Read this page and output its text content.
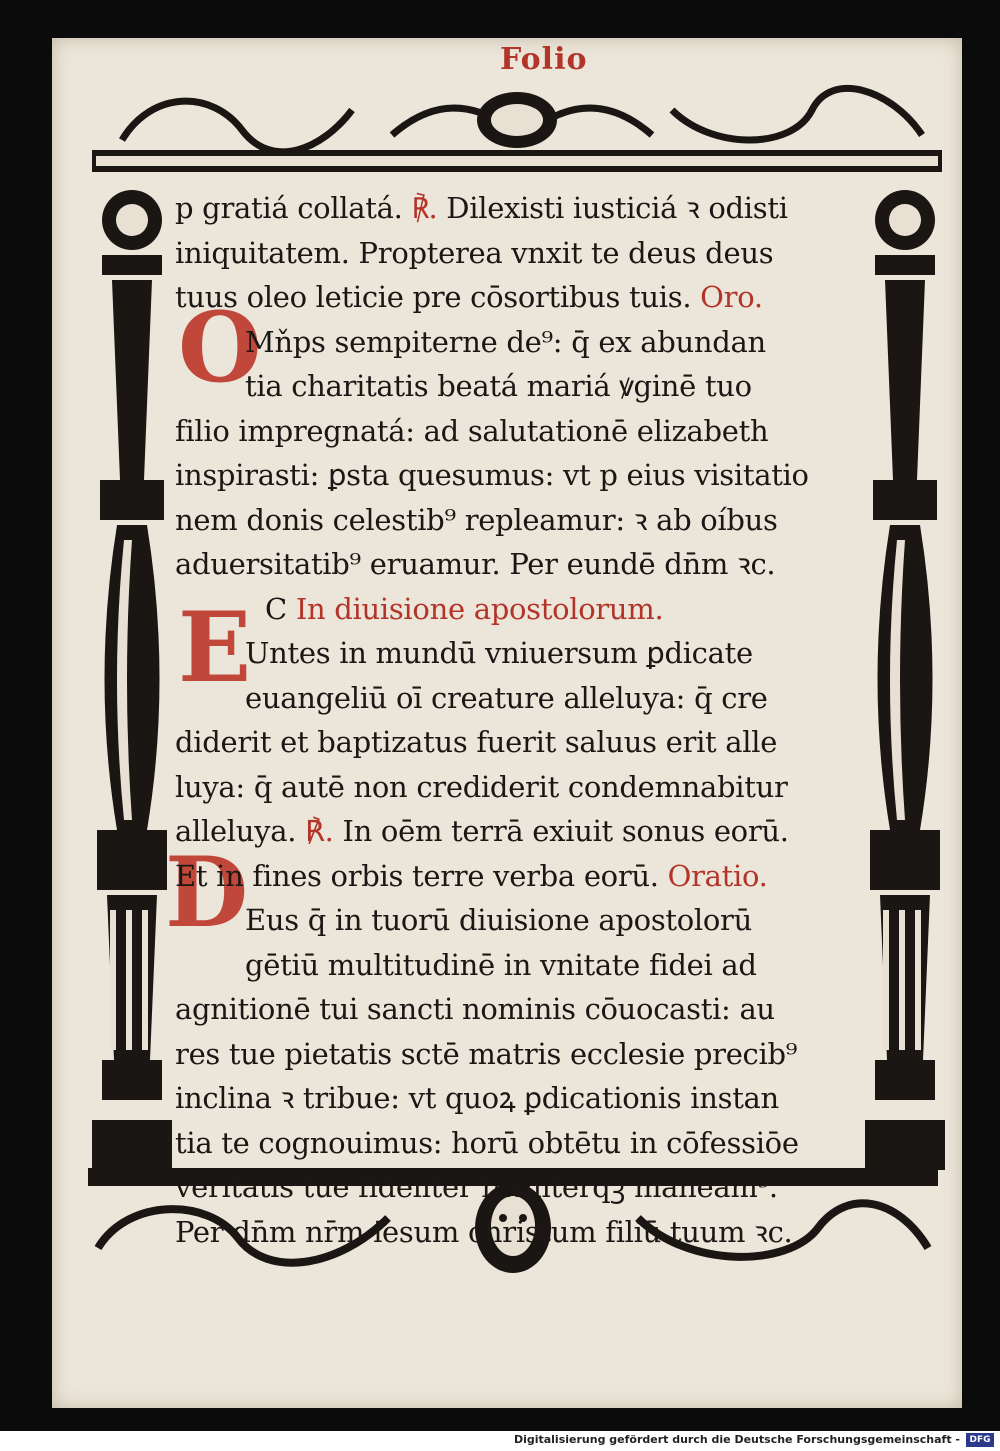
Folio
O
E
D
p gratiá collatá. ℟. Dilexisti iusticiá ꝛ odisti
iniquitatem. Propterea vnxit te deus deus
tuus oleo leticie pre cōsortibus tuis. Oro.
Mňps sempiterne de⁹: q̄ ex abundan
tia charitatis beatá mariá ꝟginē tuo
filio impregnatá: ad salutationē elizabeth
inspirasti: ꝑsta quesumus: vt p eius visitatio
nem donis celestib⁹ repleamur: ꝛ ab oíbus
aduersitatib⁹ eruamur. Per eundē dn̄m ꝛc.
C In diuisione apostolorum.
Untes in mundū vniuersum ꝑdicate
euangeliū oī creature alleluya: q̄ cre
diderit et baptizatus fuerit saluus erit alle
luya: q̄ autē non crediderit condemnabitur
alleluya. ℟. In oēm terrā exiuit sonus eorū.
Et in fines orbis terre verba eorū. Oratio.
Eus q̄ in tuorū diuisione apostolorū
gētiū multitudinē in vnitate fidei ad
agnitionē tui sancti nominis cōuocasti: au
res tue pietatis sctē matris ecclesie precib⁹
inclina ꝛ tribue: vt quoꝝ ꝑdicationis instan
tia te cognouimus: horū obtētu in cōfessiōe
veritatis tue fideliter firmiterqꝫ maneam⁹.
Per dn̄m nr̄m iesum christum filiū tuum ꝛc.
Digitalisierung gefördert durch die Deutsche Forschungsgemeinschaft -	DFG
